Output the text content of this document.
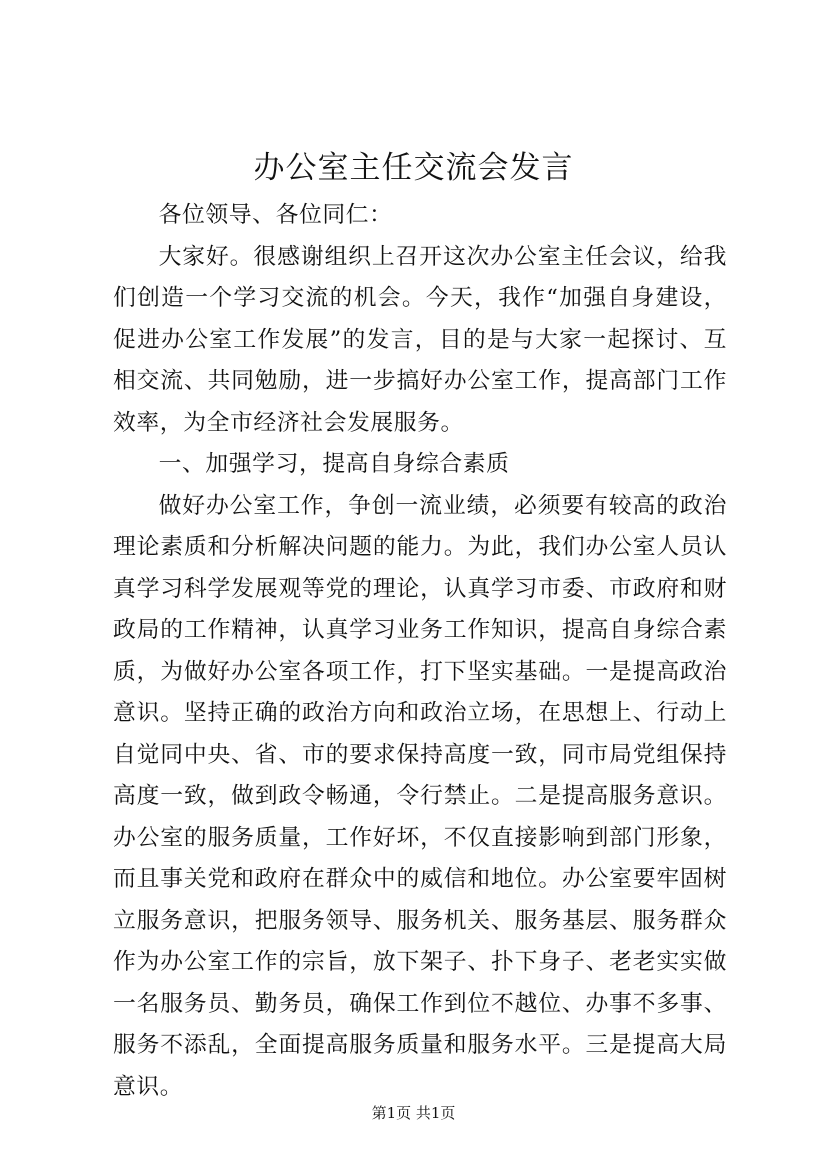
办公室主任交流会发言

各位领导、各位同仁：

大家好。很感谢组织上召开这次办公室主任会议，给我们创造一个学习交流的机会。今天，我作“加强自身建设，促进办公室工作发展”的发言，目的是与大家一起探讨、互相交流、共同勉励，进一步搞好办公室工作，提高部门工作效率，为全市经济社会发展服务。

一、加强学习，提高自身综合素质

做好办公室工作，争创一流业绩，必须要有较高的政治理论素质和分析解决问题的能力。为此，我们办公室人员认真学习科学发展观等党的理论，认真学习市委、市政府和财政局的工作精神，认真学习业务工作知识，提高自身综合素质，为做好办公室各项工作，打下坚实基础。一是提高政治意识。坚持正确的政治方向和政治立场，在思想上、行动上自觉同中央、省、市的要求保持高度一致，同市局党组保持高度一致，做到政令畅通，令行禁止。二是提高服务意识。办公室的服务质量，工作好坏，不仅直接影响到部门形象，而且事关党和政府在群众中的威信和地位。办公室要牢固树立服务意识，把服务领导、服务机关、服务基层、服务群众作为办公室工作的宗旨，放下架子、扑下身子、老老实实做一名服务员、勤务员，确保工作到位不越位、办事不多事、服务不添乱，全面提高服务质量和服务水平。三是提高大局意识。

第1页 共1页
